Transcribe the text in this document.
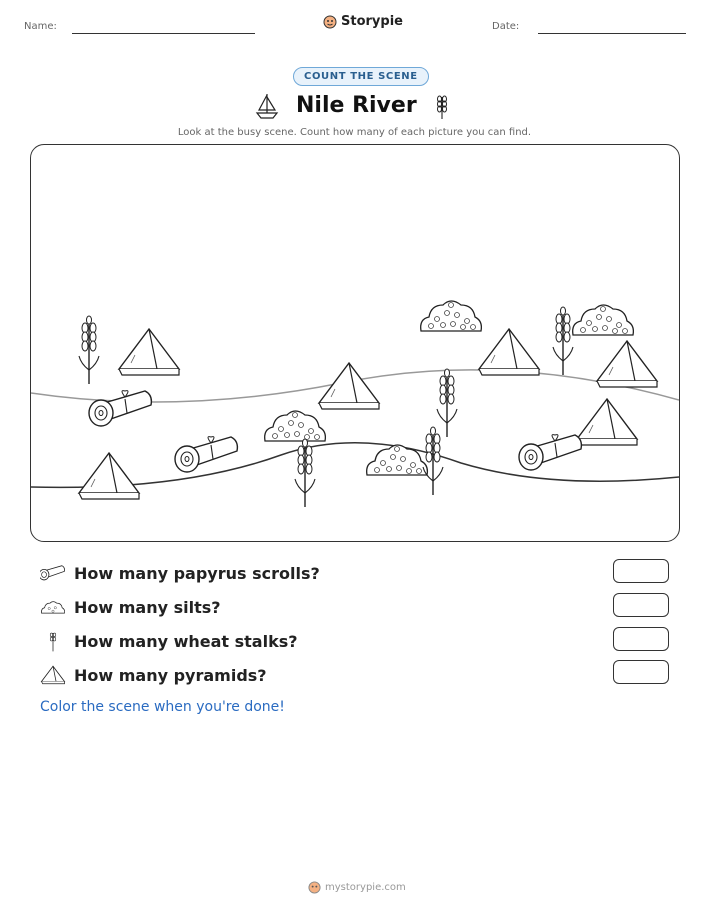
Name:	Storypie	Date:
COUNT THE SCENE
Nile River
Look at the busy scene. Count how many of each picture you can find.
How many papyrus scrolls?
How many silts?
How many wheat stalks?
How many pyramids?
Color the scene when you're done!
mystorypie.com
